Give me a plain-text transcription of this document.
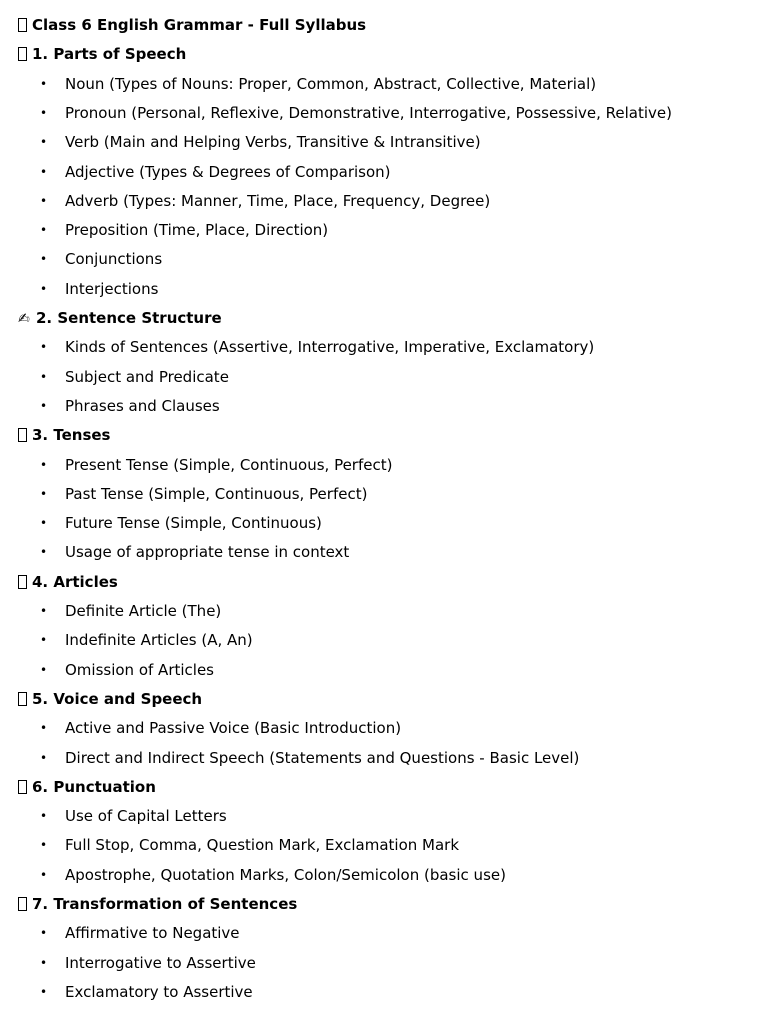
Class 6 English Grammar - Full Syllabus
1. Parts of Speech
• Noun (Types of Nouns: Proper, Common, Abstract, Collective, Material)
• Pronoun (Personal, Reflexive, Demonstrative, Interrogative, Possessive, Relative)
• Verb (Main and Helping Verbs, Transitive & Intransitive)
• Adjective (Types & Degrees of Comparison)
• Adverb (Types: Manner, Time, Place, Frequency, Degree)
• Preposition (Time, Place, Direction)
• Conjunctions
• Interjections
✍ 2. Sentence Structure
• Kinds of Sentences (Assertive, Interrogative, Imperative, Exclamatory)
• Subject and Predicate
• Phrases and Clauses
3. Tenses
• Present Tense (Simple, Continuous, Perfect)
• Past Tense (Simple, Continuous, Perfect)
• Future Tense (Simple, Continuous)
• Usage of appropriate tense in context
4. Articles
• Definite Article (The)
• Indefinite Articles (A, An)
• Omission of Articles
5. Voice and Speech
• Active and Passive Voice (Basic Introduction)
• Direct and Indirect Speech (Statements and Questions - Basic Level)
6. Punctuation
• Use of Capital Letters
• Full Stop, Comma, Question Mark, Exclamation Mark
• Apostrophe, Quotation Marks, Colon/Semicolon (basic use)
7. Transformation of Sentences
• Affirmative to Negative
• Interrogative to Assertive
• Exclamatory to Assertive
